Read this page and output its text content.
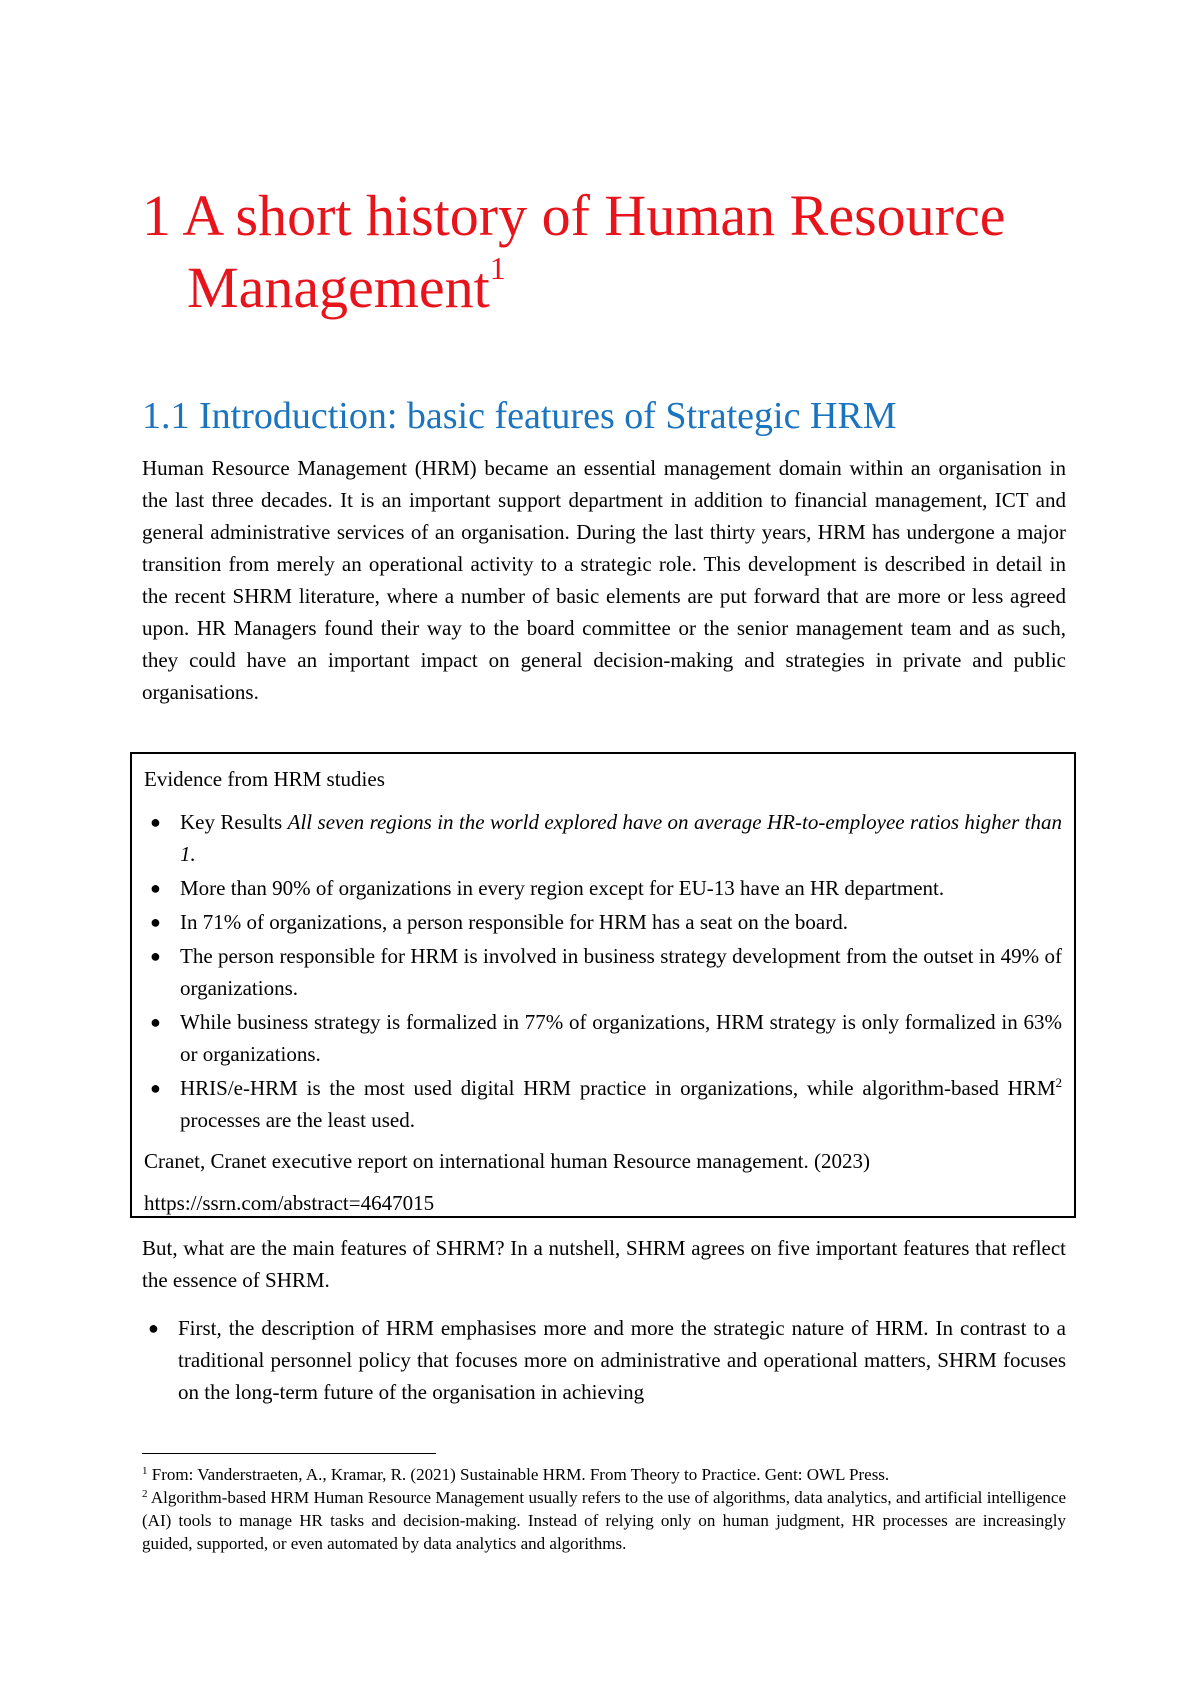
1 A short history of Human Resource
Management$^1$
1.1 Introduction: basic features of Strategic HRM

Human Resource Management (HRM) became an essential management domain within an organisation in the last three decades. It is an important support department in addition to financial management, ICT and general administrative services of an organisation. During the last thirty years, HRM has undergone a major transition from merely an operational activity to a strategic role. This development is described in detail in the recent SHRM literature, where a number of basic elements are put forward that are more or less agreed upon. HR Managers found their way to the board committee or the senior management team and as such, they could have an important impact on general decision-making and strategies in private and public organisations.

Evidence from HRM studies

● Key Results All seven regions in the world explored have on average HR-to-employee ratios higher than 1.
● More than 90% of organizations in every region except for EU-13 have an HR department.
● In 71% of organizations, a person responsible for HRM has a seat on the board.
● The person responsible for HRM is involved in business strategy development from the outset in 49% of organizations.
● While business strategy is formalized in 77% of organizations, HRM strategy is only formalized in 63% or organizations.
● HRIS/e-HRM is the most used digital HRM practice in organizations, while algorithm-based HRM$^2$ processes are the least used.

Cranet, Cranet executive report on international human Resource management. (2023)

https://ssrn.com/abstract=4647015

But, what are the main features of SHRM? In a nutshell, SHRM agrees on five important features that reflect the essence of SHRM.

● First, the description of HRM emphasises more and more the strategic nature of HRM. In contrast to a traditional personnel policy that focuses more on administrative and operational matters, SHRM focuses on the long-term future of the organisation in achieving

$^1$ From: Vanderstraeten, A., Kramar, R. (2021) Sustainable HRM. From Theory to Practice. Gent: OWL Press.

$^2$ Algorithm-based HRM Human Resource Management usually refers to the use of algorithms, data analytics, and artificial intelligence (AI) tools to manage HR tasks and decision-making. Instead of relying only on human judgment, HR processes are increasingly guided, supported, or even automated by data analytics and algorithms.
